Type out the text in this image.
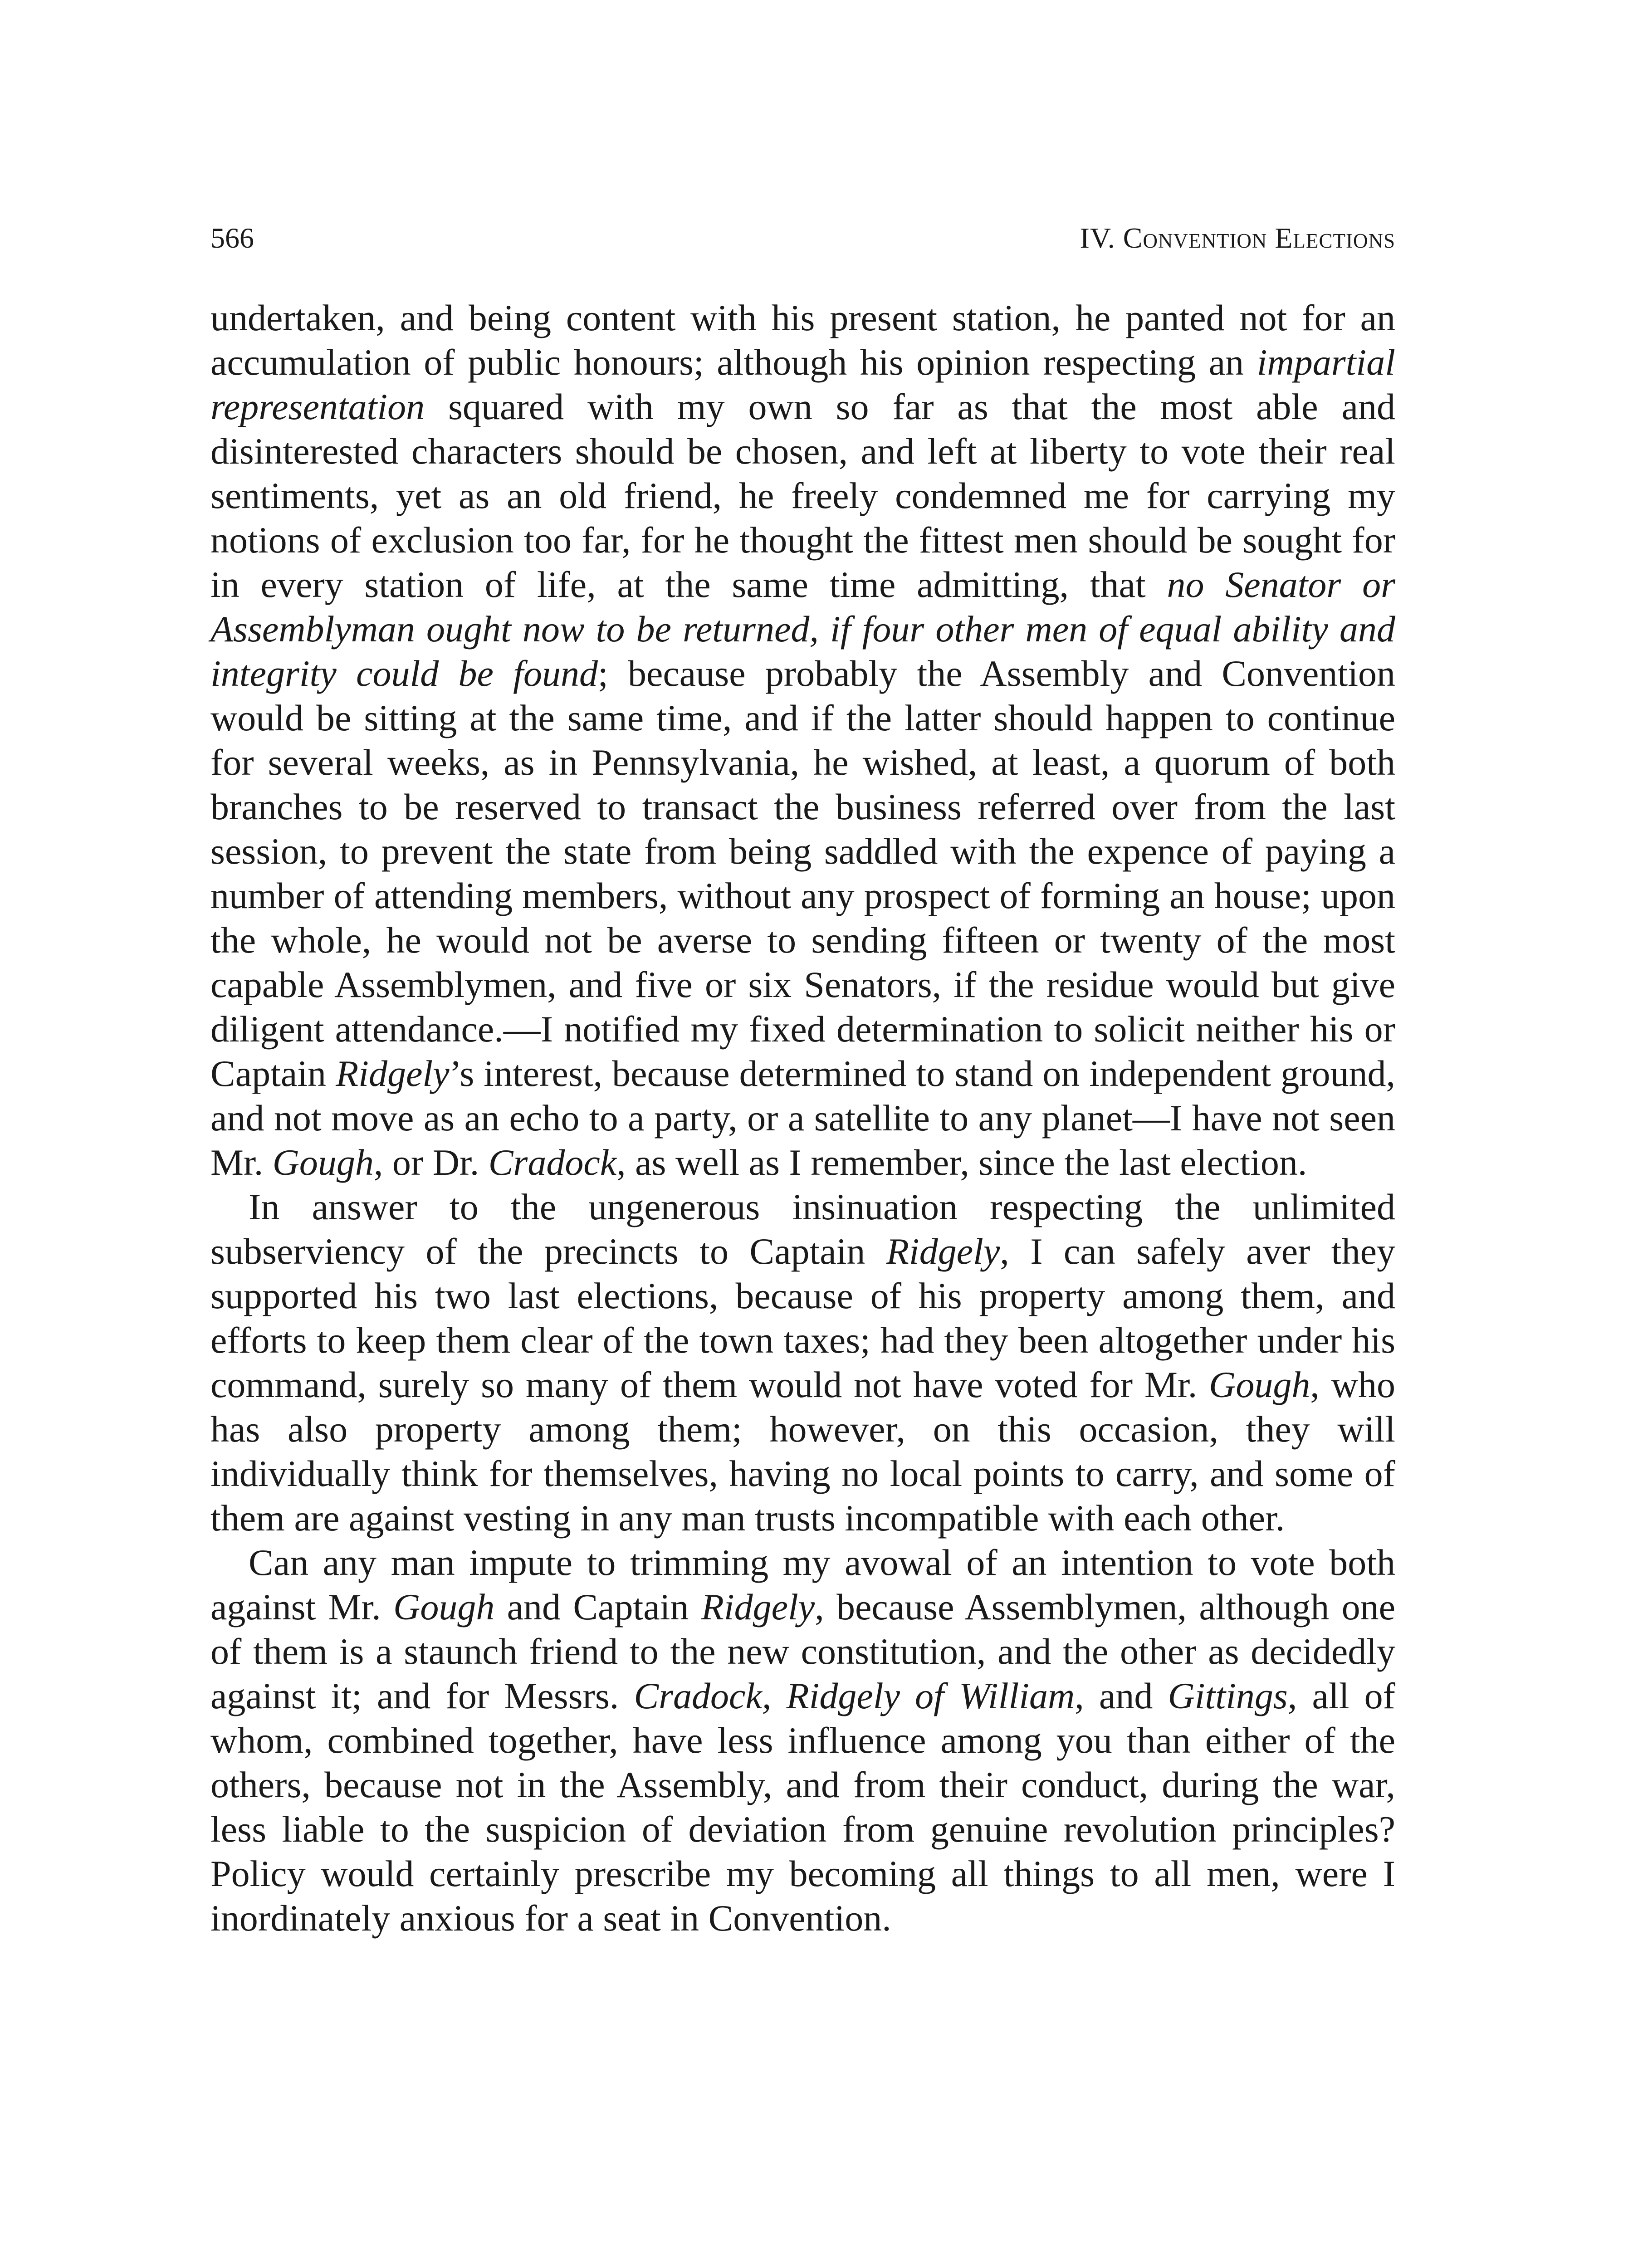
566	IV. Convention Elections

undertaken, and being content with his present station, he panted not for an accumulation of public honours; although his opinion respecting an impartial representation squared with my own so far as that the most able and disinterested characters should be chosen, and left at liberty to vote their real sentiments, yet as an old friend, he freely condemned me for carrying my notions of exclusion too far, for he thought the fittest men should be sought for in every station of life, at the same time admitting, that no Senator or Assemblyman ought now to be returned, if four other men of equal ability and integrity could be found; because probably the Assembly and Convention would be sitting at the same time, and if the latter should happen to continue for several weeks, as in Pennsylvania, he wished, at least, a quorum of both branches to be reserved to transact the business referred over from the last session, to prevent the state from being saddled with the expence of paying a number of attending members, without any prospect of forming an house; upon the whole, he would not be averse to sending fifteen or twenty of the most capable Assemblymen, and five or six Senators, if the residue would but give diligent attendance.—I notified my fixed determination to solicit neither his or Captain Ridgely’s interest, because determined to stand on independent ground, and not move as an echo to a party, or a satellite to any planet—I have not seen Mr. Gough, or Dr. Cradock, as well as I remember, since the last election.

In answer to the ungenerous insinuation respecting the unlimited subserviency of the precincts to Captain Ridgely, I can safely aver they supported his two last elections, because of his property among them, and efforts to keep them clear of the town taxes; had they been altogether under his command, surely so many of them would not have voted for Mr. Gough, who has also property among them; however, on this occasion, they will individually think for themselves, having no local points to carry, and some of them are against vesting in any man trusts incompatible with each other.

Can any man impute to trimming my avowal of an intention to vote both against Mr. Gough and Captain Ridgely, because Assemblymen, although one of them is a staunch friend to the new constitution, and the other as decidedly against it; and for Messrs. Cradock, Ridgely of William, and Gittings, all of whom, combined together, have less influence among you than either of the others, because not in the Assembly, and from their conduct, during the war, less liable to the suspicion of deviation from genuine revolution principles? Policy would certainly prescribe my becoming all things to all men, were I inordinately anxious for a seat in Convention.
